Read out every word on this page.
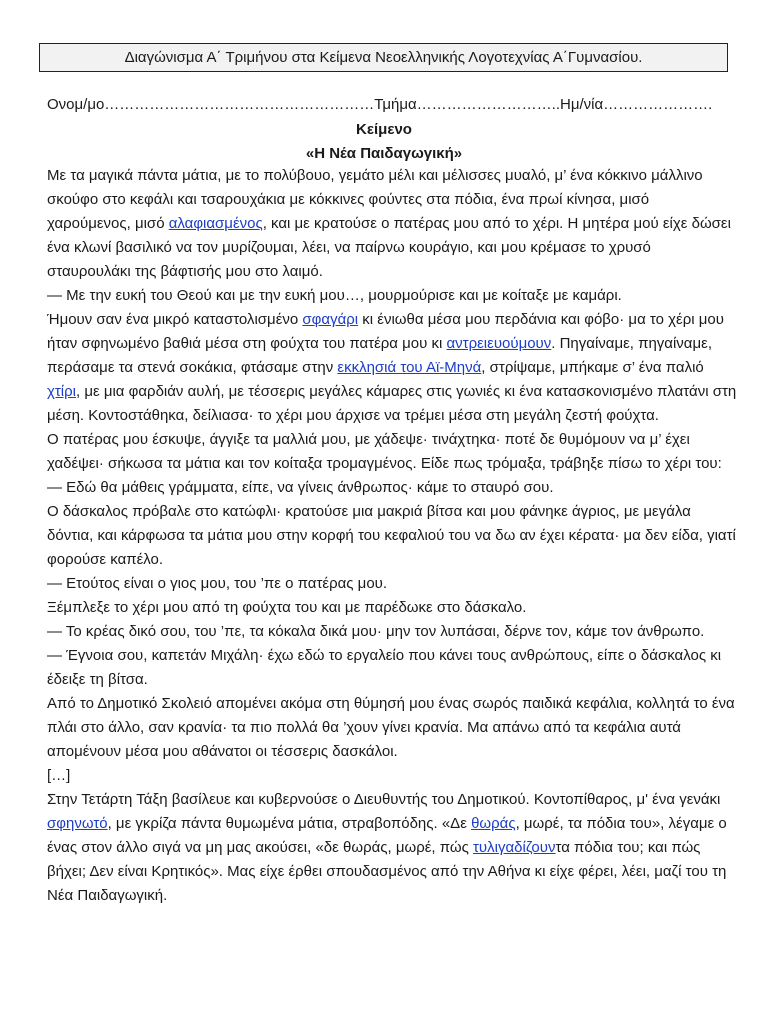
Διαγώνισμα Α΄ Τριμήνου στα Κείμενα Νεοελληνικής Λογοτεχνίας Α΄Γυμνασίου.
Ονομ/μο………………………………………………Τμήμα………………………..Ημ/νία………………….
Κείμενο
«Η Νέα Παιδαγωγική»

Με τα μαγικά πάντα μάτια, με το πολύβουο, γεμάτο μέλι και μέλισσες μυαλό, μ’ ένα κόκκινο μάλλινο σκούφο στο κεφάλι και τσαρουχάκια με κόκκινες φούντες στα πόδια, ένα πρωί κίνησα, μισό χαρούμενος, μισό αλαφιασμένος, και με κρατούσε ο πατέρας μου από το χέρι. Η μητέρα μού είχε δώσει ένα κλωνί βασιλικό να τον μυρίζουμαι, λέει, να παίρνω κουράγιο, και μου κρέμασε το χρυσό σταυρουλάκι της βάφτισής μου στο λαιμό.

— Με την ευκή του Θεού και με την ευκή μου…, μουρμούρισε και με κοίταξε με καμάρι.

Ήμουν σαν ένα μικρό καταστολισμένο σφαγάρι κι ένιωθα μέσα μου περδάνια και φόβο· μα το χέρι μου ήταν σφηνωμένο βαθιά μέσα στη φούχτα του πατέρα μου κι αντρειευούμουν. Πηγαίναμε, πηγαίναμε, περάσαμε τα στενά σοκάκια, φτάσαμε στην εκκλησιά του Αϊ-Μηνά, στρίψαμε, μπήκαμε σ’ ένα παλιό χτίρι, με μια φαρδιάν αυλή, με τέσσερις μεγάλες κάμαρες στις γωνιές κι ένα κατασκονισμένο πλατάνι στη μέση. Κοντοστάθηκα, δείλιασα· το χέρι μου άρχισε να τρέμει μέσα στη μεγάλη ζεστή φούχτα.

Ο πατέρας μου έσκυψε, άγγιξε τα μαλλιά μου, με χάδεψε· τινάχτηκα· ποτέ δε θυμόμουν να μ’ έχει χαδέψει· σήκωσα τα μάτια και τον κοίταξα τρομαγμένος. Είδε πως τρόμαξα, τράβηξε πίσω το χέρι του:

— Εδώ θα μάθεις γράμματα, είπε, να γίνεις άνθρωπος· κάμε το σταυρό σου.

Ο δάσκαλος πρόβαλε στο κατώφλι· κρατούσε μια μακριά βίτσα και μου φάνηκε άγριος, με μεγάλα δόντια, και κάρφωσα τα μάτια μου στην κορφή του κεφαλιού του να δω αν έχει κέρατα· μα δεν είδα, γιατί φορούσε καπέλο.

— Ετούτος είναι ο γιος μου, του ’πε ο πατέρας μου.

Ξέμπλεξε το χέρι μου από τη φούχτα του και με παρέδωκε στο δάσκαλο.

— Το κρέας δικό σου, του ’πε, τα κόκαλα δικά μου· μην τον λυπάσαι, δέρνε τον, κάμε τον άνθρωπο.

— Έγνοια σου, καπετάν Μιχάλη· έχω εδώ το εργαλείο που κάνει τους ανθρώπους, είπε ο δάσκαλος κι έδειξε τη βίτσα.

Από το Δημοτικό Σκολειό απομένει ακόμα στη θύμησή μου ένας σωρός παιδικά κεφάλια, κολλητά το ένα πλάι στο άλλο, σαν κρανία· τα πιο πολλά θα ’χουν γίνει κρανία. Μα απάνω από τα κεφάλια αυτά απομένουν μέσα μου αθάνατοι οι τέσσερις δασκάλοι.

[…]

Στην Τετάρτη Τάξη βασίλευε και κυβερνούσε ο Διευθυντής του Δημοτικού. Κοντοπίθαρος, μ' ένα γενάκι σφηνωτό, με γκρίζα πάντα θυμωμένα μάτια, στραβοπόδης. «Δε θωράς, μωρέ, τα πόδια του», λέγαμε ο ένας στον άλλο σιγά να μη μας ακούσει, «δε θωράς, μωρέ, πώς τυλιγαδίζουντα πόδια του; και πώς βήχει; Δεν είναι Κρητικός». Μας είχε έρθει σπουδασμένος από την Αθήνα κι είχε φέρει, λέει, μαζί του τη Νέα Παιδαγωγική.
